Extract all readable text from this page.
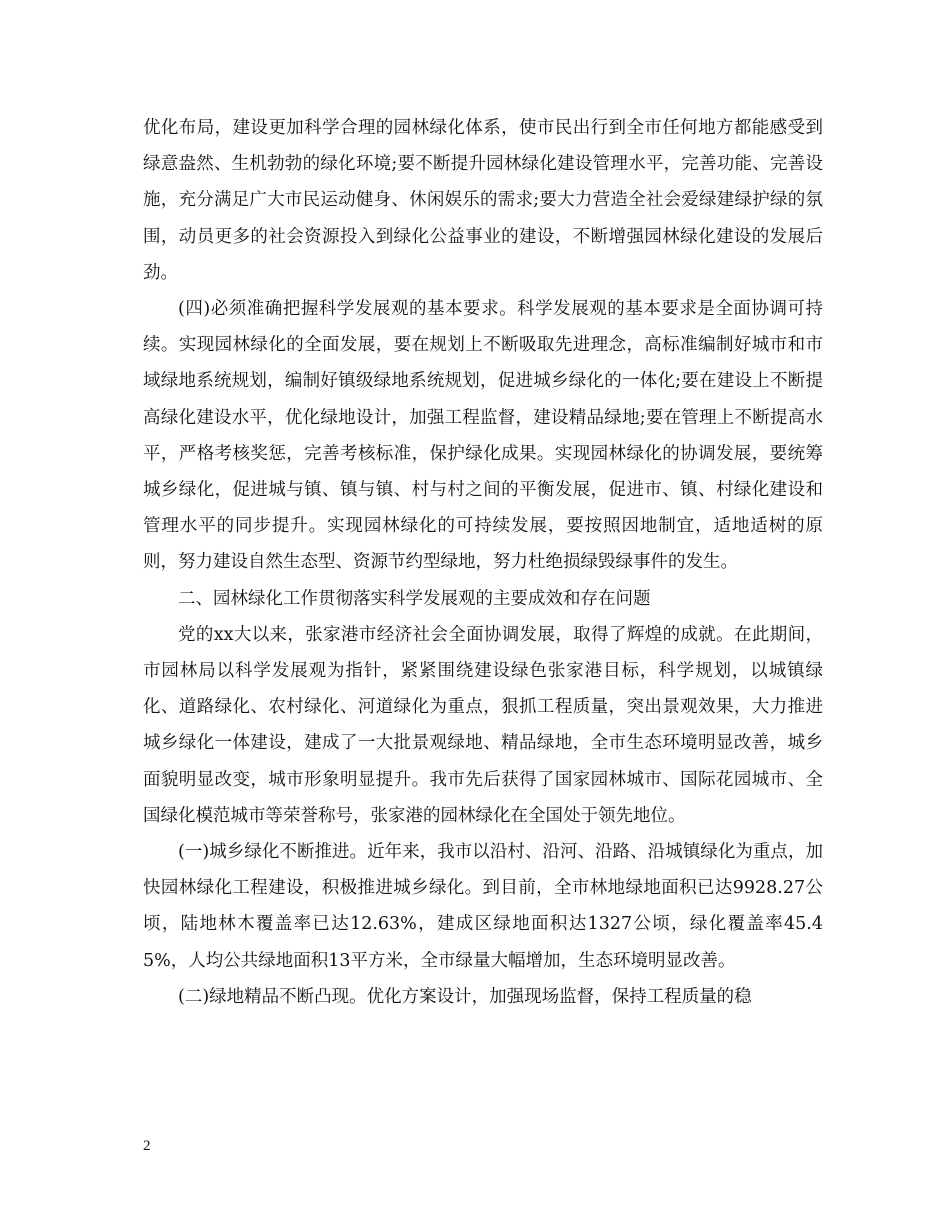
优化布局，建设更加科学合理的园林绿化体系，使市民出行到全市任何地方都能感受到绿意盎然、生机勃勃的绿化环境;要不断提升园林绿化建设管理水平，完善功能、完善设施，充分满足广大市民运动健身、休闲娱乐的需求;要大力营造全社会爱绿建绿护绿的氛围，动员更多的社会资源投入到绿化公益事业的建设，不断增强园林绿化建设的发展后劲。

(四)必须准确把握科学发展观的基本要求。科学发展观的基本要求是全面协调可持续。实现园林绿化的全面发展，要在规划上不断吸取先进理念，高标准编制好城市和市域绿地系统规划，编制好镇级绿地系统规划，促进城乡绿化的一体化;要在建设上不断提高绿化建设水平，优化绿地设计，加强工程监督，建设精品绿地;要在管理上不断提高水平，严格考核奖惩，完善考核标准，保护绿化成果。实现园林绿化的协调发展，要统筹城乡绿化，促进城与镇、镇与镇、村与村之间的平衡发展，促进市、镇、村绿化建设和管理水平的同步提升。实现园林绿化的可持续发展，要按照因地制宜，适地适树的原则，努力建设自然生态型、资源节约型绿地，努力杜绝损绿毁绿事件的发生。

二、园林绿化工作贯彻落实科学发展观的主要成效和存在问题

党的xx大以来，张家港市经济社会全面协调发展，取得了辉煌的成就。在此期间，市园林局以科学发展观为指针，紧紧围绕建设绿色张家港目标，科学规划，以城镇绿化、道路绿化、农村绿化、河道绿化为重点，狠抓工程质量，突出景观效果，大力推进城乡绿化一体建设，建成了一大批景观绿地、精品绿地，全市生态环境明显改善，城乡面貌明显改变，城市形象明显提升。我市先后获得了国家园林城市、国际花园城市、全国绿化模范城市等荣誉称号，张家港的园林绿化在全国处于领先地位。

(一)城乡绿化不断推进。近年来，我市以沿村、沿河、沿路、沿城镇绿化为重点，加快园林绿化工程建设，积极推进城乡绿化。到目前，全市林地绿地面积已达9928.27公顷，陆地林木覆盖率已达12.63%，建成区绿地面积达1327公顷，绿化覆盖率45.45%，人均公共绿地面积13平方米，全市绿量大幅增加，生态环境明显改善。

(二)绿地精品不断凸现。优化方案设计，加强现场监督，保持工程质量的稳

2
